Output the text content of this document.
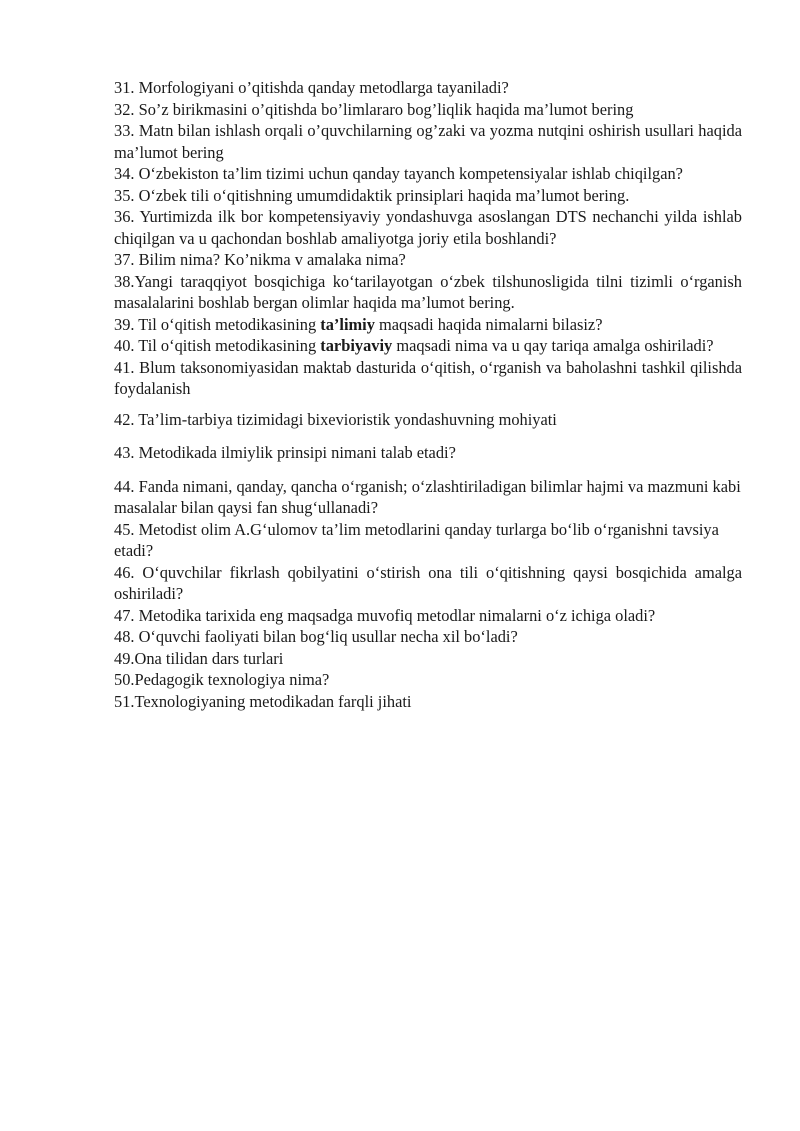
31. Morfologiyani o’qitishda qanday metodlarga tayaniladi?

32. So’z birikmasini o’qitishda bo’limlararo bog’liqlik haqida ma’lumot bering

33. Matn bilan ishlash orqali o’quvchilarning og’zaki va yozma nutqini oshirish usullari haqida ma’lumot bering

34. O‘zbekiston ta’lim tizimi uchun qanday tayanch kompetensiyalar ishlab chiqilgan?

35. O‘zbek tili o‘qitishning umumdidaktik prinsiplari haqida ma’lumot bering.

36. Yurtimizda ilk bor kompetensiyaviy yondashuvga asoslangan DTS nechanchi yilda ishlab chiqilgan va u qachondan boshlab amaliyotga joriy etila boshlandi?

37. Bilim nima? Ko’nikma v amalaka nima?

38.Yangi taraqqiyot bosqichiga ko‘tarilayotgan o‘zbek tilshunosligida tilni tizimli o‘rganish masalalarini boshlab bergan olimlar haqida ma’lumot bering.

39. Til o‘qitish metodikasining ta’limiy maqsadi haqida nimalarni bilasiz?

40. Til o‘qitish metodikasining tarbiyaviy maqsadi nima va u qay tariqa amalga oshiriladi?

41. Blum taksonomiyasidan maktab dasturida o‘qitish, o‘rganish va baholashni tashkil qilishda foydalanish

42. Ta’lim-tarbiya tizimidagi bixevioristik yondashuvning mohiyati

43. Metodikada ilmiylik prinsipi nimani talab etadi?

44. Fanda nimani, qanday, qancha o‘rganish; o‘zlashtiriladigan bilimlar hajmi va mazmuni kabi masalalar bilan qaysi fan shug‘ullanadi?

45. Metodist olim A.G‘ulomov ta’lim metodlarini qanday turlarga bo‘lib o‘rganishni tavsiya etadi?

46. O‘quvchilar fikrlash qobilyatini o‘stirish ona tili o‘qitishning qaysi bosqichida amalga oshiriladi?

47. Metodika tarixida eng maqsadga muvofiq metodlar nimalarni o‘z ichiga oladi?

48. O‘quvchi faoliyati bilan bog‘liq usullar necha xil bo‘ladi?

49.Ona tilidan dars turlari

50.Pedagogik texnologiya nima?

51.Texnologiyaning metodikadan farqli jihati
